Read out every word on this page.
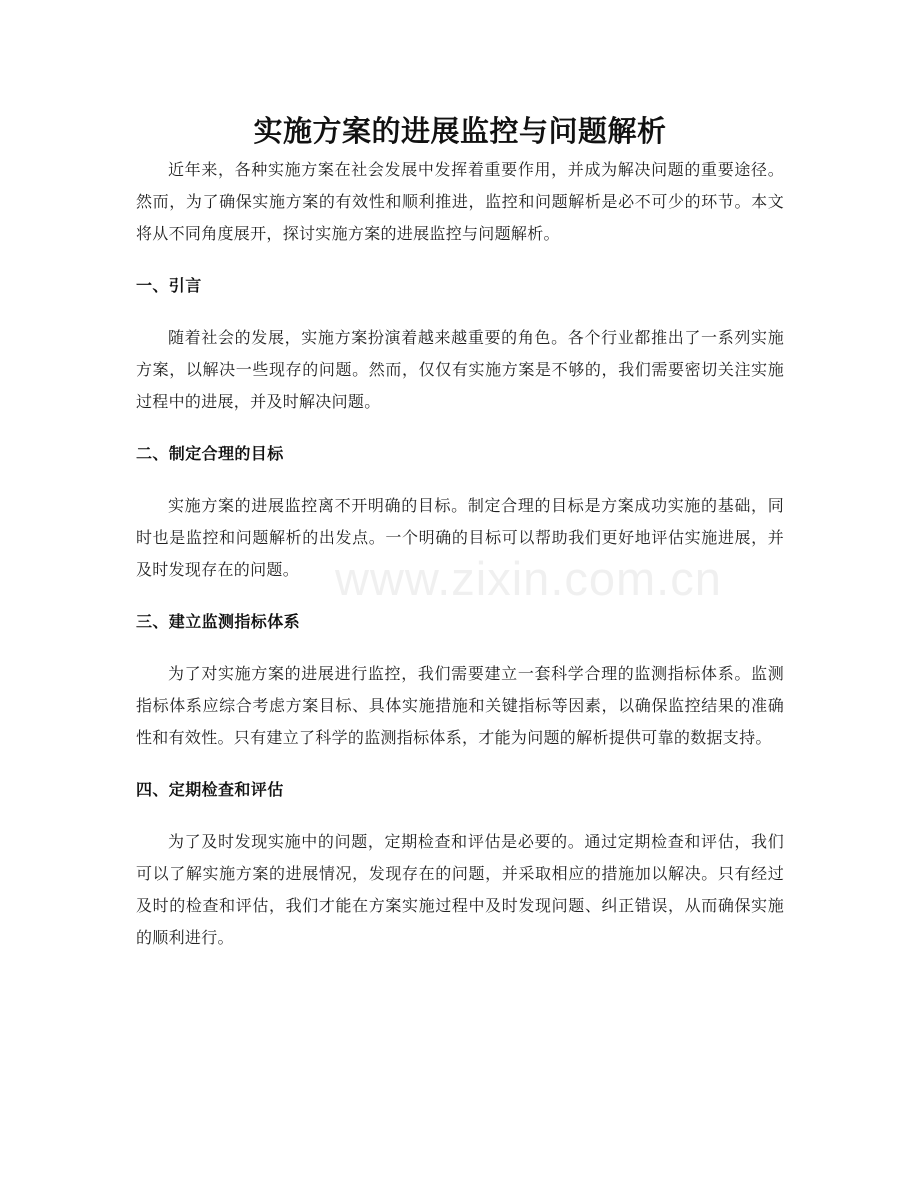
实施方案的进展监控与问题解析

近年来，各种实施方案在社会发展中发挥着重要作用，并成为解决问题的重要途径。然而，为了确保实施方案的有效性和顺利推进，监控和问题解析是必不可少的环节。本文将从不同角度展开，探讨实施方案的进展监控与问题解析。

一、引言

随着社会的发展，实施方案扮演着越来越重要的角色。各个行业都推出了一系列实施方案，以解决一些现存的问题。然而，仅仅有实施方案是不够的，我们需要密切关注实施过程中的进展，并及时解决问题。

二、制定合理的目标

实施方案的进展监控离不开明确的目标。制定合理的目标是方案成功实施的基础，同时也是监控和问题解析的出发点。一个明确的目标可以帮助我们更好地评估实施进展，并及时发现存在的问题。

三、建立监测指标体系

为了对实施方案的进展进行监控，我们需要建立一套科学合理的监测指标体系。监测指标体系应综合考虑方案目标、具体实施措施和关键指标等因素，以确保监控结果的准确性和有效性。只有建立了科学的监测指标体系，才能为问题的解析提供可靠的数据支持。

四、定期检查和评估

为了及时发现实施中的问题，定期检查和评估是必要的。通过定期检查和评估，我们可以了解实施方案的进展情况，发现存在的问题，并采取相应的措施加以解决。只有经过及时的检查和评估，我们才能在方案实施过程中及时发现问题、纠正错误，从而确保实施的顺利进行。

www.zixin.com.cn
